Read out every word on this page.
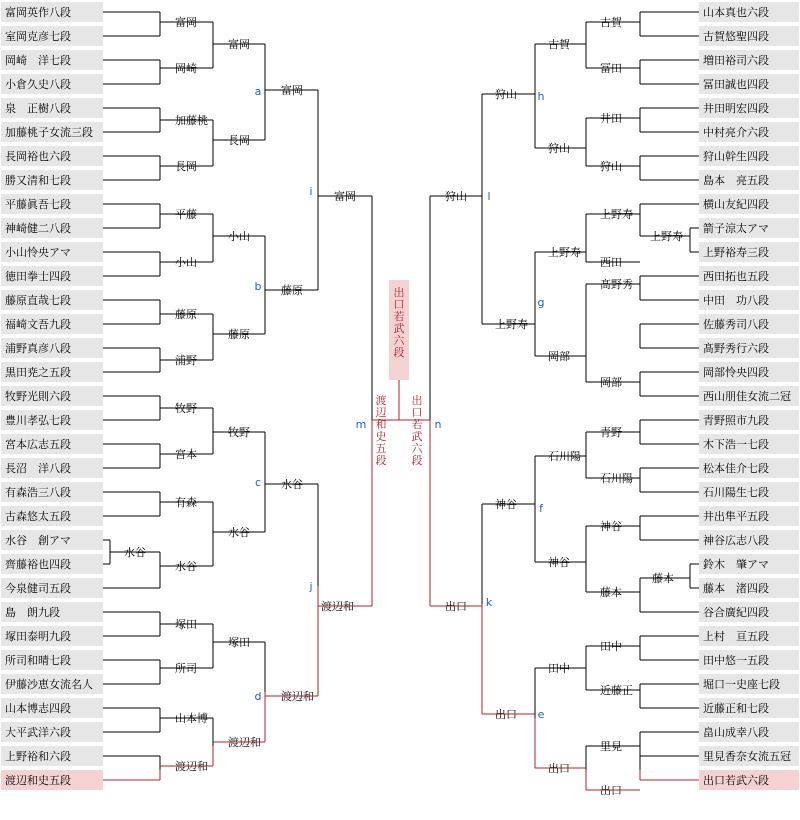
富岡英作八段
室岡克彦七段
岡崎　洋七段
小倉久史八段
泉　正樹八段
加藤桃子女流三段
長岡裕也六段
勝又清和七段
平藤眞吾七段
神崎健二八段
小山怜央アマ
徳田拳士四段
藤原直哉七段
福崎文吾九段
浦野真彦八段
黒田尭之五段
牧野光則六段
豊川孝弘七段
宮本広志五段
長沼　洋八段
有森浩三八段
古森悠太五段
水谷　創アマ
齊藤裕也四段
今泉健司五段
島　朗九段
塚田泰明九段
所司和晴七段
伊藤沙恵女流名人
山本博志四段
大平武洋六段
上野裕和六段
渡辺和史五段
山本真也六段
古賀悠聖四段
増田裕司六段
冨田誠也四段
井田明宏四段
中村亮介六段
狩山幹生四段
島本　亮五段
横山友紀四段
箭子涼太アマ
上野裕寿三段
西田拓也五段
中田　功八段
佐藤秀司八段
髙野秀行六段
岡部怜央四段
西山朋佳女流二冠
青野照市九段
木下浩一七段
松本佳介七段
石川陽生七段
井出隼平五段
神谷広志八段
鈴木　肇アマ
藤本　渚四段
谷合廣紀四段
上村　亘五段
田中悠一五段
堀口一史座七段
近藤正和七段
畠山成幸八段
里見香奈女流五冠
出口若武六段
水谷
富岡
岡崎
加藤桃
長岡
平藤
小山
藤原
浦野
牧野
宮本
有森
水谷
塚田
所司
山本博
渡辺和
富岡
長岡
小山
藤原
牧野
水谷
塚田
渡辺和
富岡
藤原
水谷
渡辺和
富岡
渡辺和
上野寿
藤本
古賀
冨田
井田
狩山
上野寿
西田
髙野秀
岡部
青野
石川陽
神谷
藤本
田中
近藤正
里見
出口
古賀
狩山
上野寿
岡部
石川陽
神谷
田中
出口
狩山
上野寿
神谷
出口
狩山
出口
出口若武六段
渡辺和史五段
出口若武六段
a
b
c
d
i
j
m
h
g
f
e
l
k
n
